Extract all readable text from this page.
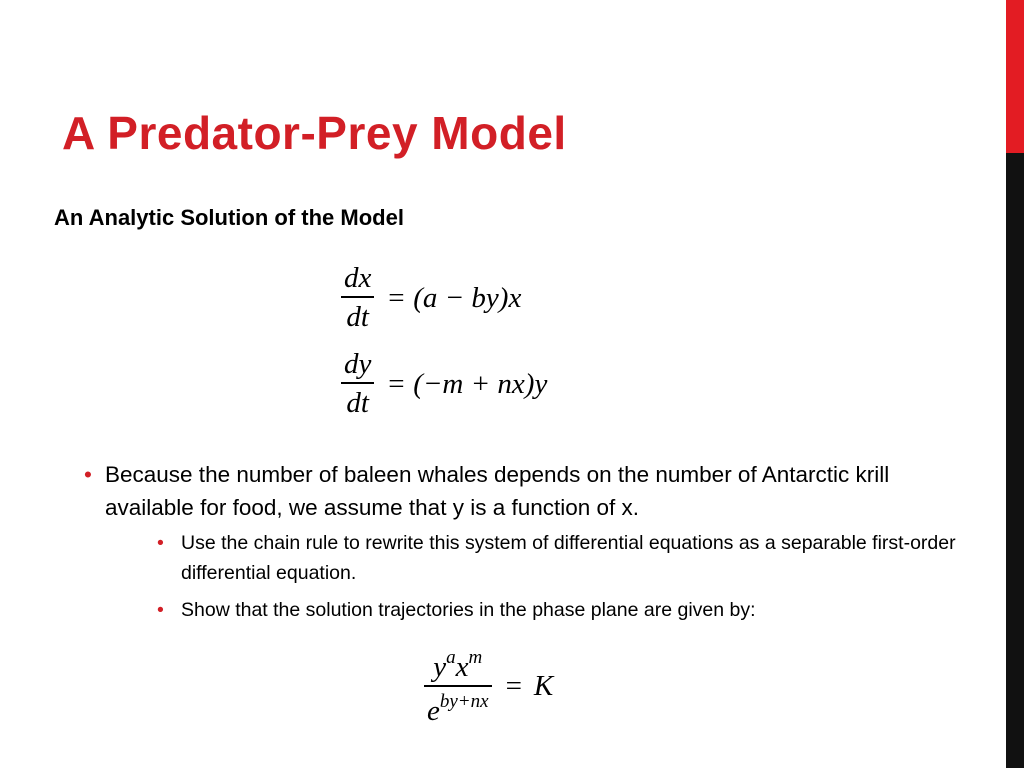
A Predator-Prey Model
An Analytic Solution of the Model
$\frac{dx}{dt} = (a - by)x$
$\frac{dy}{dt} = (-m + nx)y$
• Because the number of baleen whales depends on the number of Antarctic krill available for food, we assume that y is a function of x.
• Use the chain rule to rewrite this system of differential equations as a separable first-order differential equation.
• Show that the solution trajectories in the phase plane are given by:
$\frac{y^ax^m}{e^{by+nx}} = K$
